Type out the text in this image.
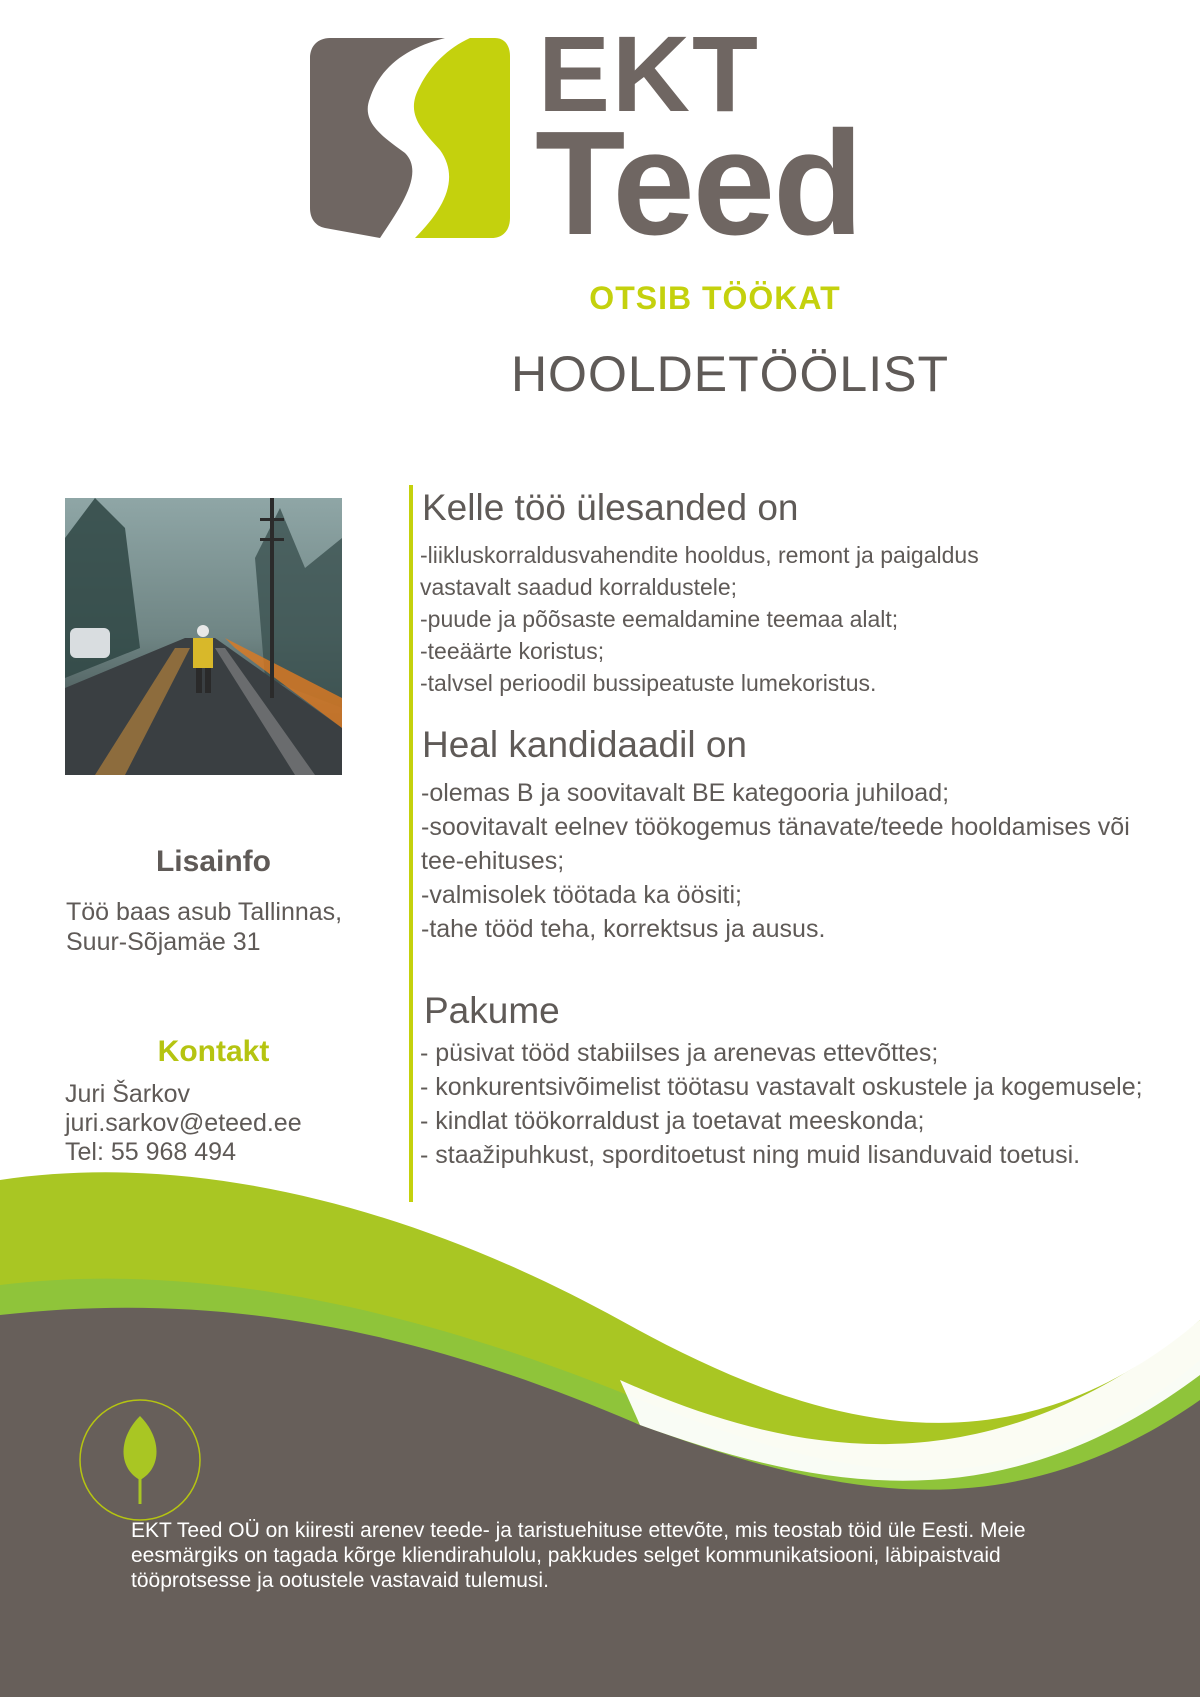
EKT
Teed
OTSIB TÖÖKAT
HOOLDETÖÖLIST
Kelle töö ülesanded on
-liikluskorraldusvahendite hooldus, remont ja paigaldus
vastavalt saadud korraldustele;
-puude ja põõsaste eemaldamine teemaa alalt;
-teeäärte koristus;
-talvsel perioodil bussipeatuste lumekoristus.
Heal kandidaadil on
-olemas B ja soovitavalt BE kategooria juhiload;
-soovitavalt eelnev töökogemus tänavate/teede hooldamises või
tee-ehituses;
-valmisolek töötada ka öösiti;
-tahe tööd teha, korrektsus ja ausus.
Pakume
- püsivat tööd stabiilses ja arenevas ettevõttes;
- konkurentsivõimelist töötasu vastavalt oskustele ja kogemusele;
- kindlat töökorraldust ja toetavat meeskonda;
- staažipuhkust, sporditoetust ning muid lisanduvaid toetusi.
Lisainfo
Töö baas asub Tallinnas,
Suur-Sõjamäe 31
Kontakt
Juri Šarkov
juri.sarkov@eteed.ee
Tel: 55 968 494
EKT Teed OÜ on kiiresti arenev teede- ja taristuehituse ettevõte, mis teostab töid üle Eesti. Meie
eesmärgiks on tagada kõrge kliendirahulolu, pakkudes selget kommunikatsiooni, läbipaistvaid
tööprotsesse ja ootustele vastavaid tulemusi.
